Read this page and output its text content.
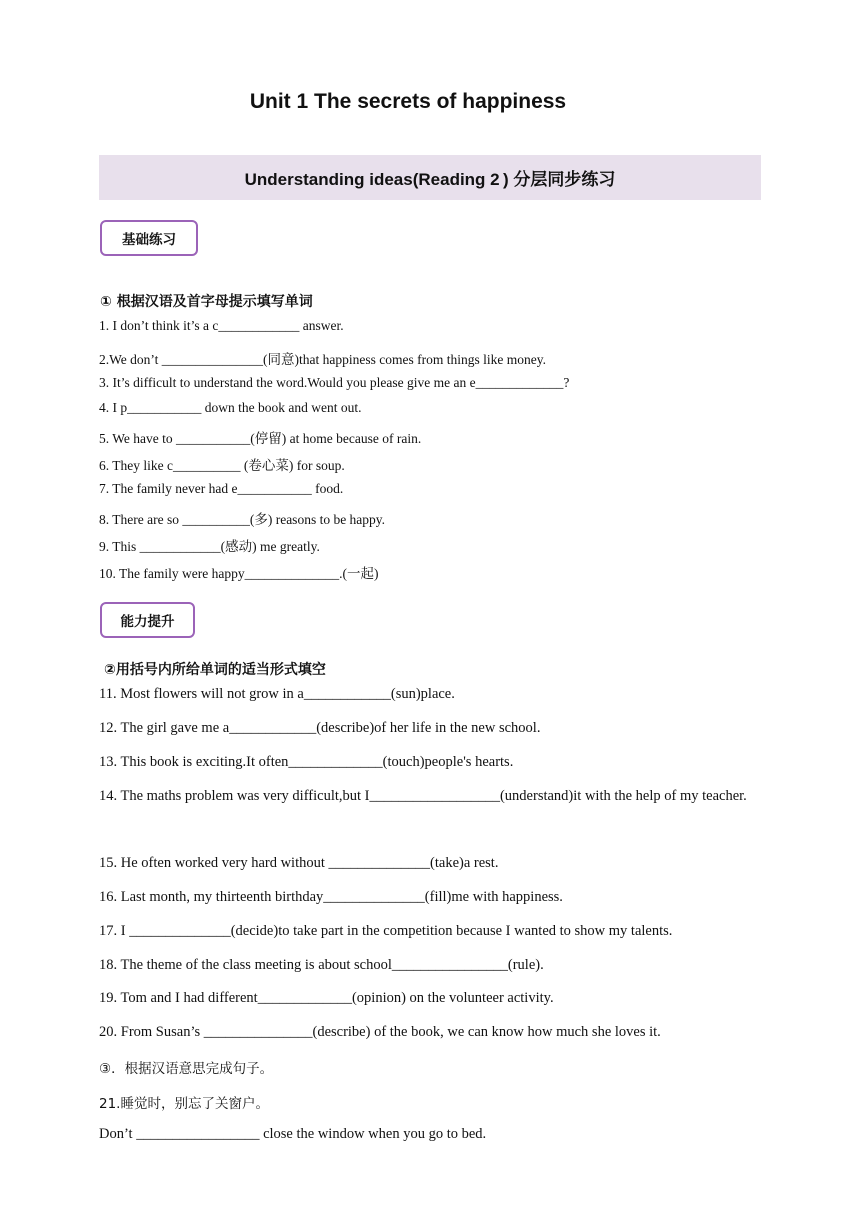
Unit 1 The secrets of happiness
Understanding ideas(Reading 2 ) 分层同步练习
基础练习
① 根据汉语及首字母提示填写单词
1. I don’t think it’s a c____________ answer.
2.We don’t _______________(同意)that happiness comes from things like money.
3. It’s difficult to understand the word.Would you please give me an e_____________?
4. I p___________ down the book and went out.
5. We have to ___________(停留) at home because of rain.
6. They like c__________ (卷心菜) for soup.
7. The family never had e___________ food.
8. There are so __________(多) reasons to be happy.
9. This ____________(感动) me greatly.
10. The family were happy______________.(一起)
能力提升
②用括号内所给单词的适当形式填空
11. Most flowers will not grow in a____________(sun)place.
12. The girl gave me a____________(describe)of her life in the new school.
13. This book is exciting.It often_____________(touch)people's hearts.
14. The maths problem was very difficult,but I__________________(understand)it with the help of my teacher.
15. He often worked very hard without ______________(take)a rest.
16. Last month, my thirteenth birthday______________(fill)me with happiness.
17. I ______________(decide)to take part in the competition because I wanted to show my talents.
18. The theme of the class meeting is about school________________(rule).
19. Tom and I had different_____________(opinion) on the volunteer activity.
20. From Susan’s _______________(describe) of the book, we can know how much she loves it.
③．根据汉语意思完成句子。
21.睡觉时，别忘了关窗户。
Don’t _________________ close the window when you go to bed.
